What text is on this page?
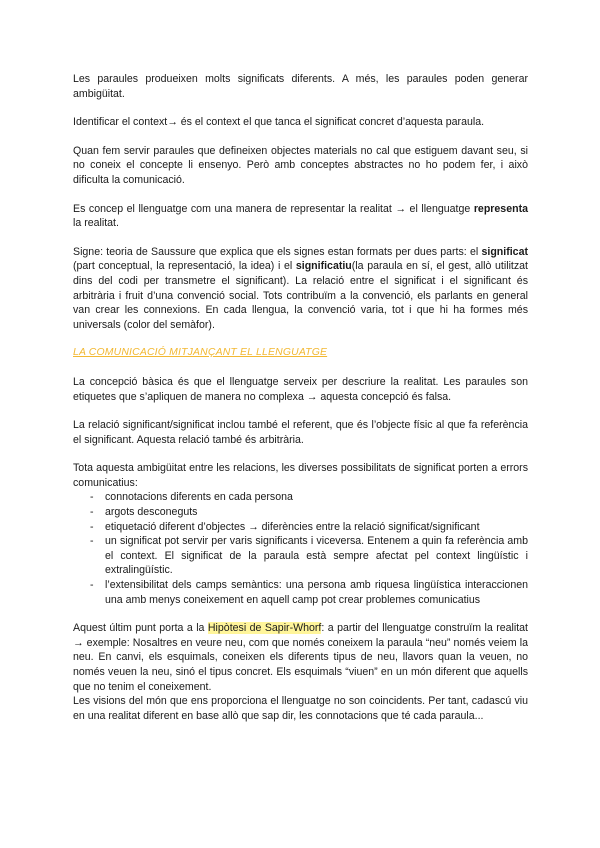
Les paraules produeixen molts significats diferents. A més, les paraules poden generar ambigüitat.

Identificar el context→ és el context el que tanca el significat concret d’aquesta paraula.

Quan fem servir paraules que defineixen objectes materials no cal que estiguem davant seu, si no coneix el concepte li ensenyo. Però amb conceptes abstractes no ho podem fer, i això dificulta la comunicació.

Es concep el llenguatge com una manera de representar la realitat → el llenguatge representa la realitat.

Signe: teoria de Saussure que explica que els signes estan formats per dues parts: el significat (part conceptual, la representació, la idea) i el significatiu(la paraula en sí, el gest, allò utilitzat dins del codi per transmetre el significant). La relació entre el significat i el significant és arbitrària i fruit d’una convenció social. Tots contribuïm a la convenció, els parlants en general van crear les connexions. En cada llengua, la convenció varia, tot i que hi ha formes més universals (color del semàfor).

LA COMUNICACIÓ MITJANÇANT EL LLENGUATGE

La concepció bàsica és que el llenguatge serveix per descriure la realitat. Les paraules son etiquetes que s’apliquen de manera no complexa → aquesta concepció és falsa.

La relació significant/significat inclou també el referent, que és l’objecte físic al que fa referència el significant. Aquesta relació també és arbitrària.

Tota aquesta ambigüitat entre les relacions, les diverses possibilitats de significat porten a errors comunicatius:

- connotacions diferents en cada persona
- argots desconeguts
- etiquetació diferent d’objectes → diferències entre la relació significat/significant
- un significat pot servir per varis significants i viceversa. Entenem a quin fa referència amb el context. El significat de la paraula està sempre afectat pel context lingüístic i extralingüístic.
- l’extensibilitat dels camps semàntics: una persona amb riquesa lingüística interaccionen una amb menys coneixement en aquell camp pot crear problemes comunicatius

Aquest últim punt porta a la Hipòtesi de Sapir-Whorf: a partir del llenguatge construïm la realitat → exemple: Nosaltres en veure neu, com que només coneixem la paraula “neu” només veiem la neu. En canvi, els esquimals, coneixen els diferents tipus de neu, llavors quan la veuen, no només veuen la neu, sinó el tipus concret. Els esquimals “viuen” en un món diferent que aquells que no tenim el coneixement.

Les visions del món que ens proporciona el llenguatge no son coincidents. Per tant, cadascú viu en una realitat diferent en base allò que sap dir, les connotacions que té cada paraula...
